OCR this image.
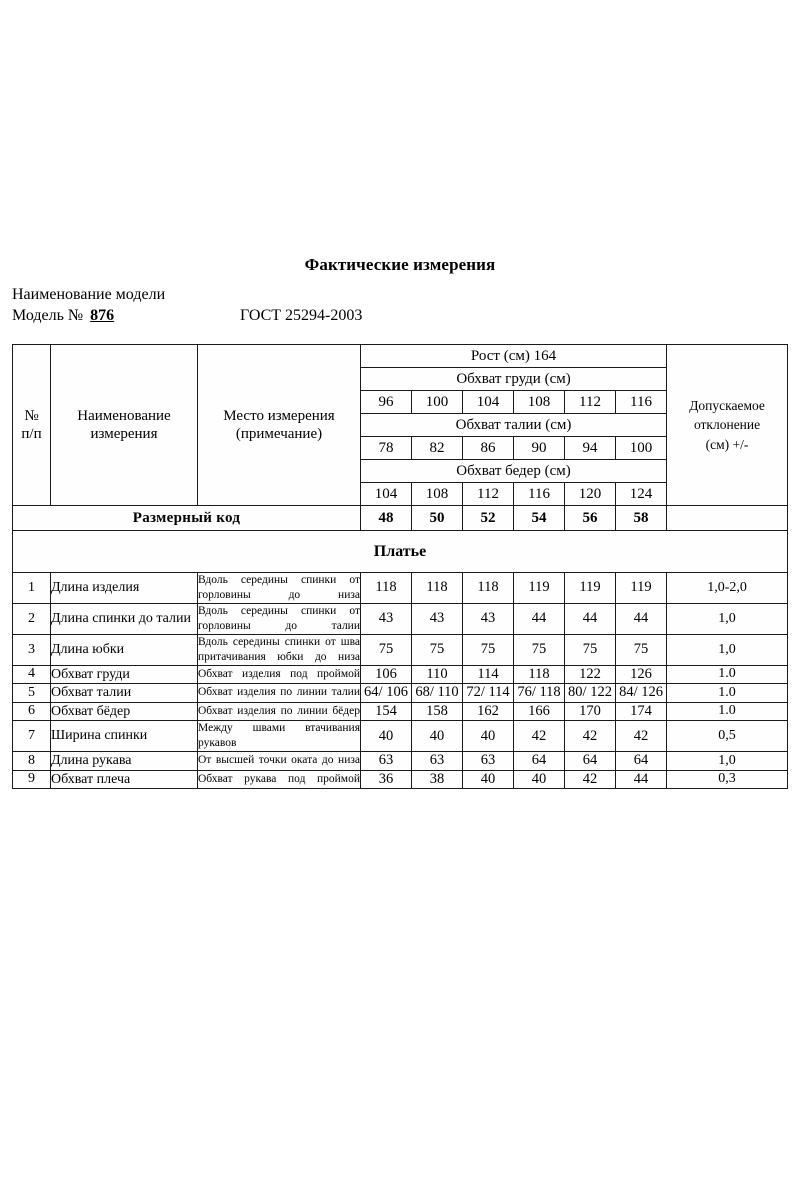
Фактические измерения
Наименование модели
Модель № 876	ГОСТ 25294-2003
№
п/п

Наименование
измерения

Место измерения
(примечание)
	Рост (см) 164	
Допускаемое
отклонение
(см) +/-

			Обхват груди (см)						
			96	100	104	108	112	116	
			Обхват талии (см)						
			78	82	86	90	94	100	
			Обхват бедер (см)						
			104	108	112	116	120	124	
Размерный код			48	50	52	54	56	58	
Платье									
1	Длина изделия	Вдоль середины спинки от горловины до низа	118	118	118	119	119	119	1,0-2,0
2	Длина спинки до талии	Вдоль середины спинки от горловины до талии	43	43	43	44	44	44	1,0
3	Длина юбки	Вдоль середины спинки от шва притачивания юбки до низа	75	75	75	75	75	75	1,0
4	Обхват груди	Обхват изделия под проймой	106	110	114	118	122	126	1.0
5	Обхват талии	Обхват изделия по линии талии	64/ 106	68/ 110	72/ 114	76/ 118	80/ 122	84/ 126	1.0
6	Обхват бёдер	Обхват изделия по линии бёдер	154	158	162	166	170	174	1.0
7	Ширина спинки	Между швами втачивания рукавов	40	40	40	42	42	42	0,5
8	Длина рукава	От высшей точки оката до низа	63	63	63	64	64	64	1,0
9	Обхват плеча	Обхват рукава под проймой	36	38	40	40	42	44	0,3
